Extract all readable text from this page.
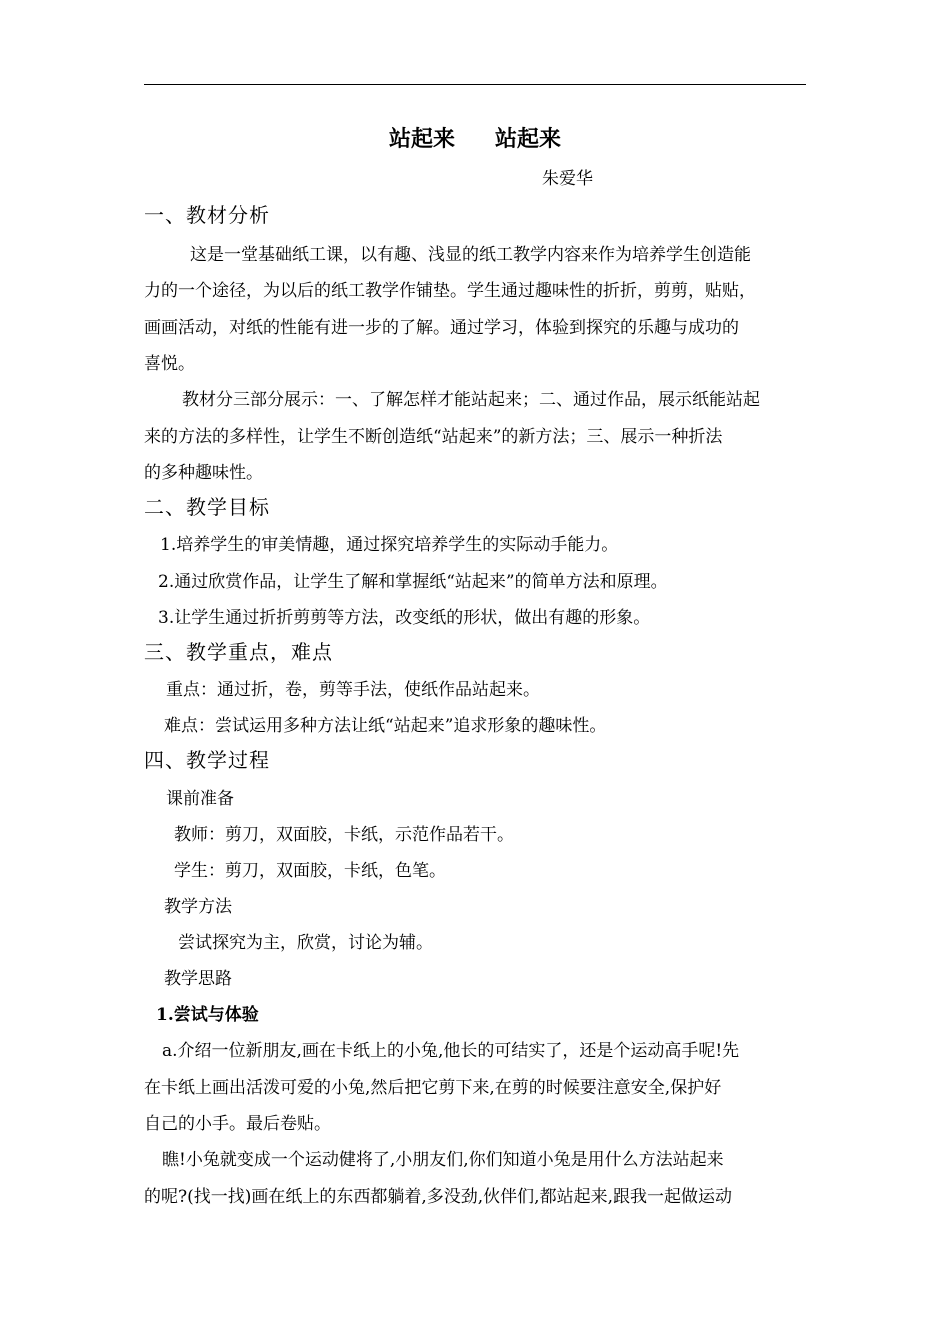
站起来 站起来
朱爱华
一、教材分析
这是一堂基础纸工课，以有趣、浅显的纸工教学内容来作为培养学生创造能
力的一个途径，为以后的纸工教学作铺垫。学生通过趣味性的折折，剪剪，贴贴，
画画活动，对纸的性能有进一步的了解。通过学习，体验到探究的乐趣与成功的
喜悦。
教材分三部分展示：一、了解怎样才能站起来；二、通过作品，展示纸能站起
来的方法的多样性，让学生不断创造纸“站起来”的新方法；三、展示一种折法
的多种趣味性。
二、教学目标
1.培养学生的审美情趣，通过探究培养学生的实际动手能力。
2.通过欣赏作品，让学生了解和掌握纸“站起来”的简单方法和原理。
3.让学生通过折折剪剪等方法，改变纸的形状，做出有趣的形象。
三、教学重点，难点
重点：通过折，卷，剪等手法，使纸作品站起来。
难点：尝试运用多种方法让纸“站起来”追求形象的趣味性。
四、教学过程
课前准备
教师：剪刀，双面胶，卡纸，示范作品若干。
学生：剪刀，双面胶，卡纸，色笔。
教学方法
尝试探究为主，欣赏，讨论为辅。
教学思路
1.尝试与体验
a.介绍一位新朋友,画在卡纸上的小兔,他长的可结实了，还是个运动高手呢!先
在卡纸上画出活泼可爱的小兔,然后把它剪下来,在剪的时候要注意安全,保护好
自己的小手。最后卷贴。
瞧!小兔就变成一个运动健将了,小朋友们,你们知道小兔是用什么方法站起来
的呢?(找一找)画在纸上的东西都躺着,多没劲,伙伴们,都站起来,跟我一起做运动
